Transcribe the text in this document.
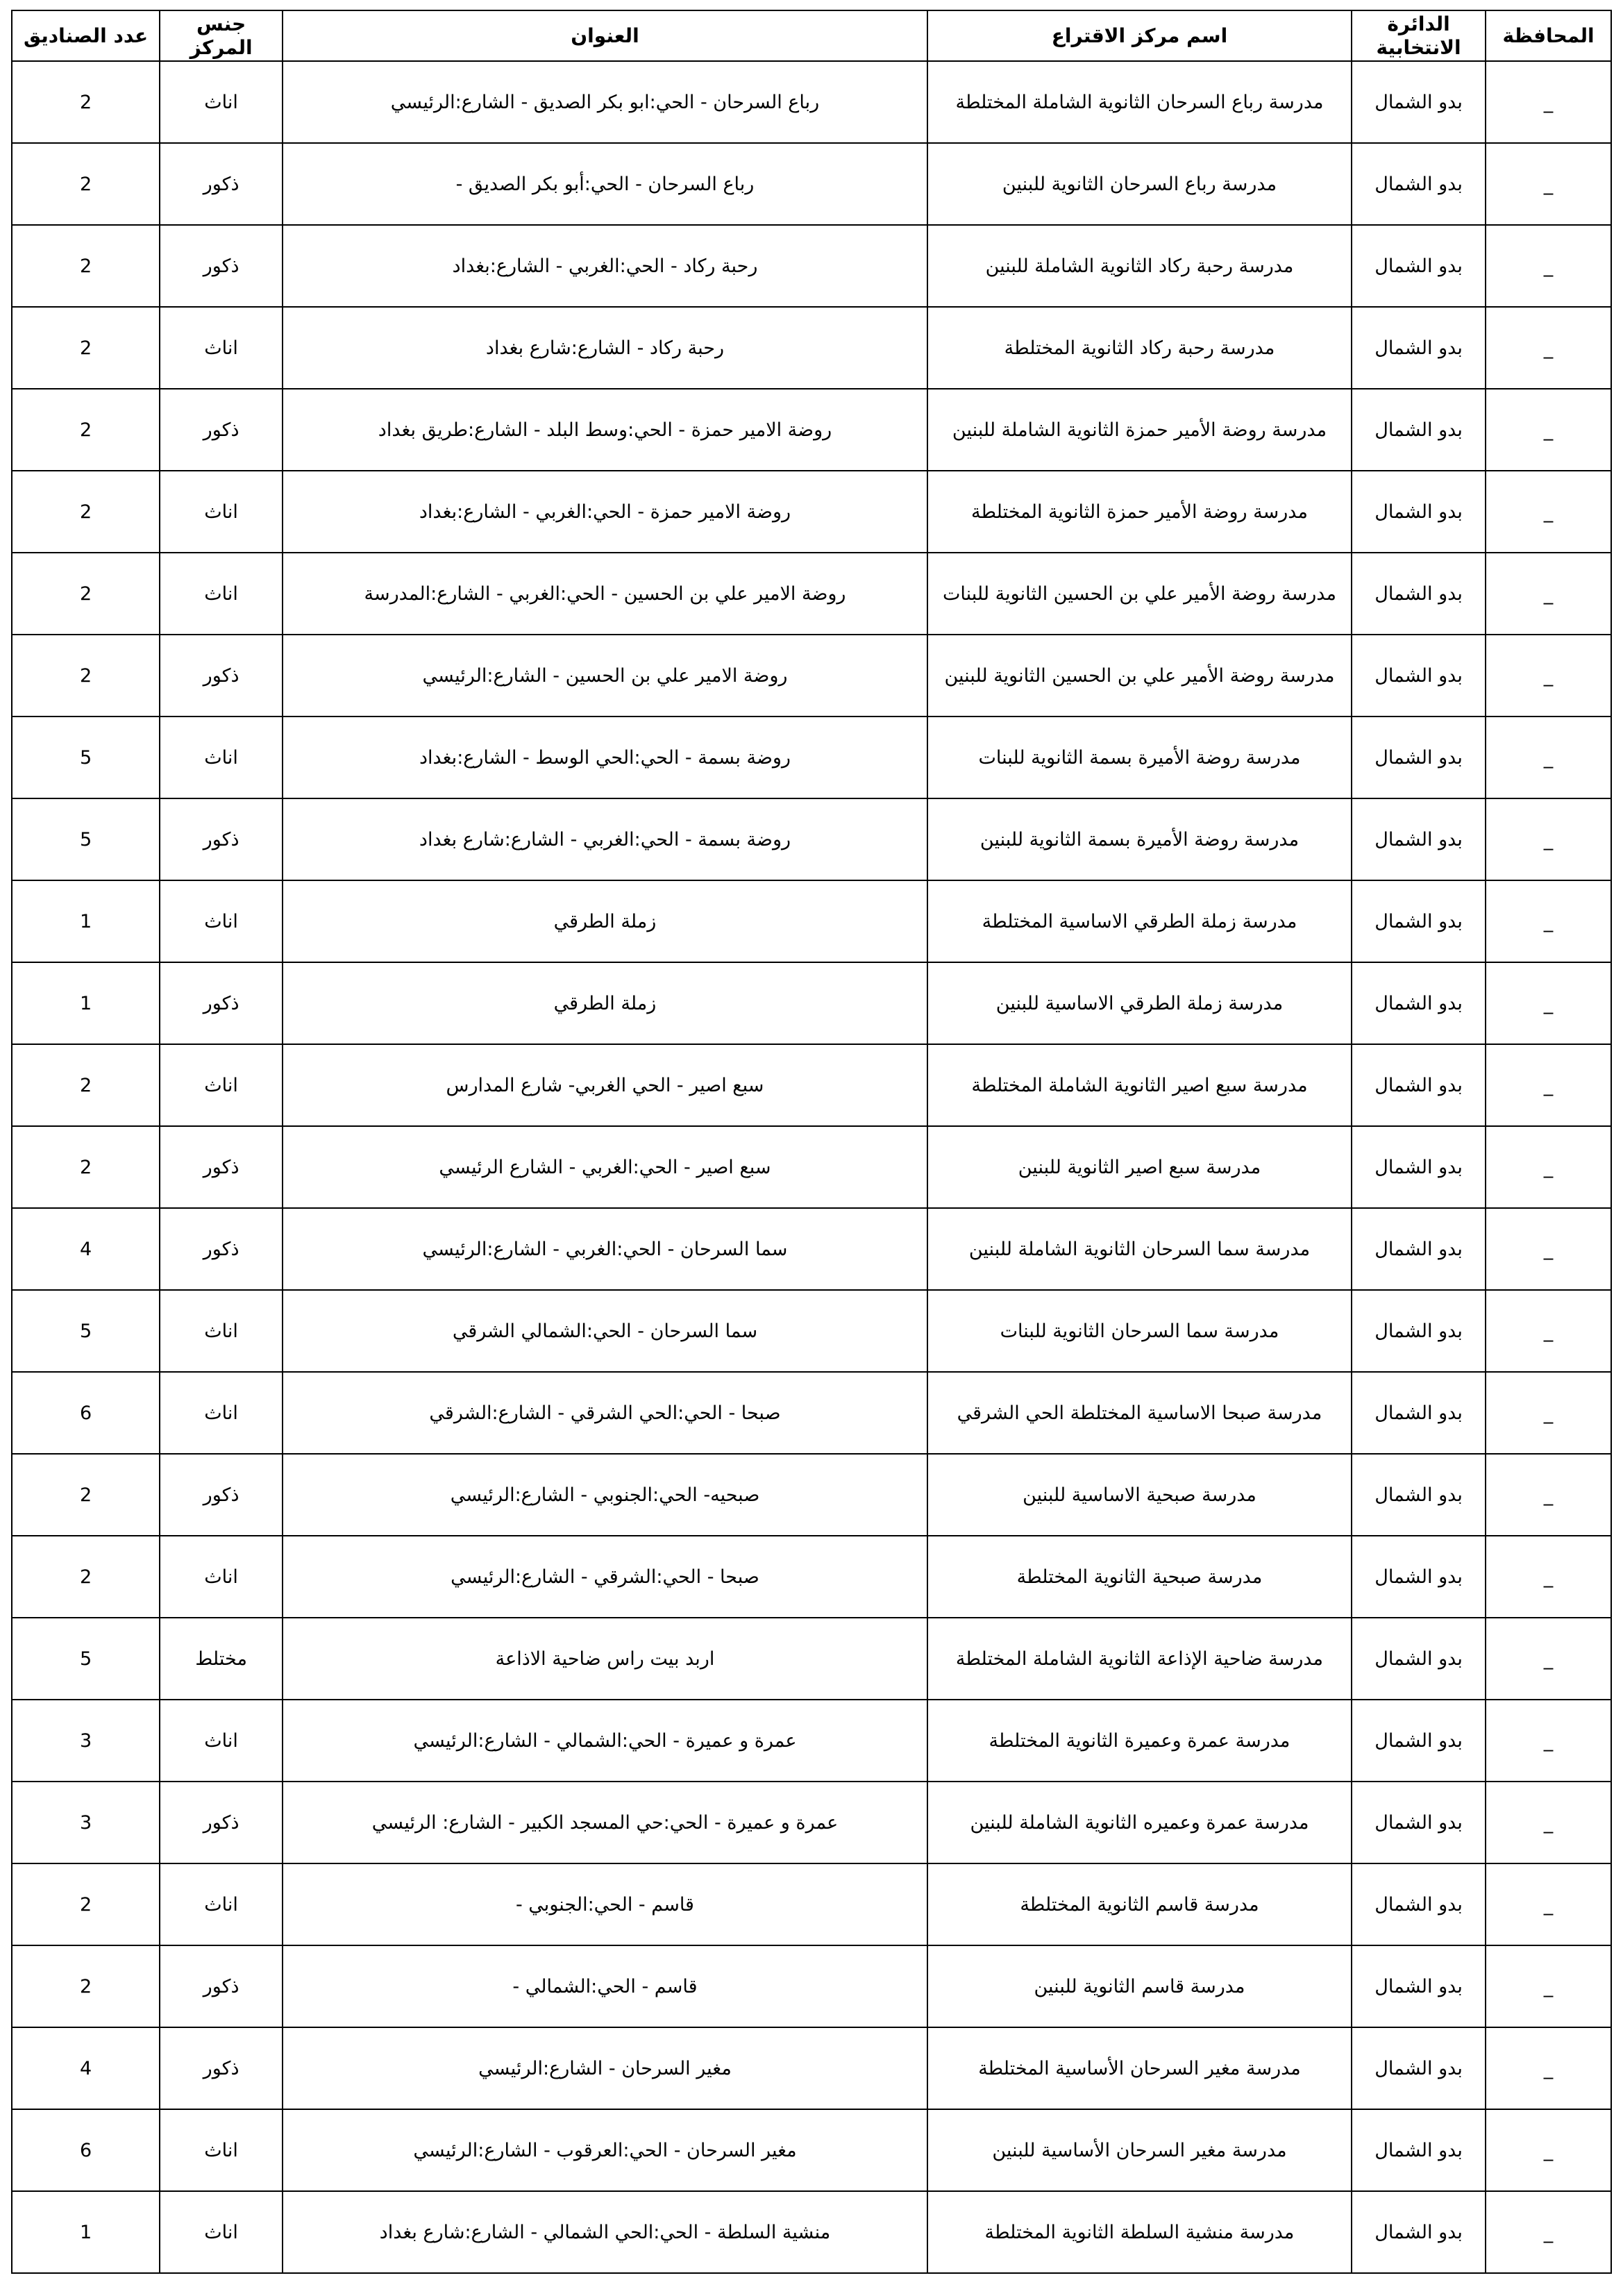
المحافظة	الدائرة الانتخابية	اسم مركز الاقتراع	العنوان	جنس المركز	عدد الصناديق
_	بدو الشمال	مدرسة رباع السرحان الثانوية الشاملة المختلطة	رباع السرحان - الحي:ابو بكر الصديق - الشارع:الرئيسي	اناث	2
_	بدو الشمال	مدرسة رباع السرحان الثانوية للبنين	رباع السرحان - الحي:أبو بكر الصديق -	ذكور	2
_	بدو الشمال	مدرسة رحبة ركاد الثانوية الشاملة للبنين	رحبة ركاد - الحي:الغربي - الشارع:بغداد	ذكور	2
_	بدو الشمال	مدرسة رحبة ركاد الثانوية المختلطة	رحبة ركاد - الشارع:شارع بغداد	اناث	2
_	بدو الشمال	مدرسة روضة الأمير حمزة الثانوية الشاملة للبنين	روضة الامير حمزة - الحي:وسط البلد - الشارع:طريق بغداد	ذكور	2
_	بدو الشمال	مدرسة روضة الأمير حمزة الثانوية المختلطة	روضة الامير حمزة - الحي:الغربي - الشارع:بغداد	اناث	2
_	بدو الشمال	مدرسة روضة الأمير علي بن الحسين الثانوية للبنات	روضة الامير علي بن الحسين - الحي:الغربي - الشارع:المدرسة	اناث	2
_	بدو الشمال	مدرسة روضة الأمير علي بن الحسين الثانوية للبنين	روضة الامير علي بن الحسين - الشارع:الرئيسي	ذكور	2
_	بدو الشمال	مدرسة روضة الأميرة بسمة الثانوية للبنات	روضة بسمة - الحي:الحي الوسط - الشارع:بغداد	اناث	5
_	بدو الشمال	مدرسة روضة الأميرة بسمة الثانوية للبنين	روضة بسمة - الحي:الغربي - الشارع:شارع بغداد	ذكور	5
_	بدو الشمال	مدرسة زملة الطرقي الاساسية المختلطة	زملة الطرقي	اناث	1
_	بدو الشمال	مدرسة زملة الطرقي الاساسية للبنين	زملة الطرقي	ذكور	1
_	بدو الشمال	مدرسة سبع اصير الثانوية الشاملة المختلطة	سبع اصير - الحي الغربي- شارع المدارس	اناث	2
_	بدو الشمال	مدرسة سبع اصير الثانوية للبنين	سبع اصير - الحي:الغربي - الشارع الرئيسي	ذكور	2
_	بدو الشمال	مدرسة سما السرحان الثانوية الشاملة للبنين	سما السرحان - الحي:الغربي - الشارع:الرئيسي	ذكور	4
_	بدو الشمال	مدرسة سما السرحان الثانوية للبنات	سما السرحان - الحي:الشمالي الشرقي	اناث	5
_	بدو الشمال	مدرسة صبحا الاساسية المختلطة الحي الشرقي	صبحا - الحي:الحي الشرقي - الشارع:الشرقي	اناث	6
_	بدو الشمال	مدرسة صبحية الاساسية للبنين	صبحيه- الحي:الجنوبي - الشارع:الرئيسي	ذكور	2
_	بدو الشمال	مدرسة صبحية الثانوية المختلطة	صبحا - الحي:الشرقي - الشارع:الرئيسي	اناث	2
_	بدو الشمال	مدرسة ضاحية الإذاعة الثانوية الشاملة المختلطة	اربد بيت راس ضاحية الاذاعة	مختلط	5
_	بدو الشمال	مدرسة عمرة وعميرة الثانوية المختلطة	عمرة و عميرة - الحي:الشمالي - الشارع:الرئيسي	اناث	3
_	بدو الشمال	مدرسة عمرة وعميره الثانوية الشاملة للبنين	عمرة و عميرة - الحي:حي المسجد الكبير - الشارع: الرئيسي	ذكور	3
_	بدو الشمال	مدرسة قاسم الثانوية المختلطة	قاسم - الحي:الجنوبي -	اناث	2
_	بدو الشمال	مدرسة قاسم الثانوية للبنين	قاسم - الحي:الشمالي -	ذكور	2
_	بدو الشمال	مدرسة مغير السرحان الأساسية المختلطة	مغير السرحان - الشارع:الرئيسي	ذكور	4
_	بدو الشمال	مدرسة مغير السرحان الأساسية للبنين	مغير السرحان - الحي:العرقوب - الشارع:الرئيسي	اناث	6
_	بدو الشمال	مدرسة منشية السلطة الثانوية المختلطة	منشية السلطة - الحي:الحي الشمالي - الشارع:شارع بغداد	اناث	1
